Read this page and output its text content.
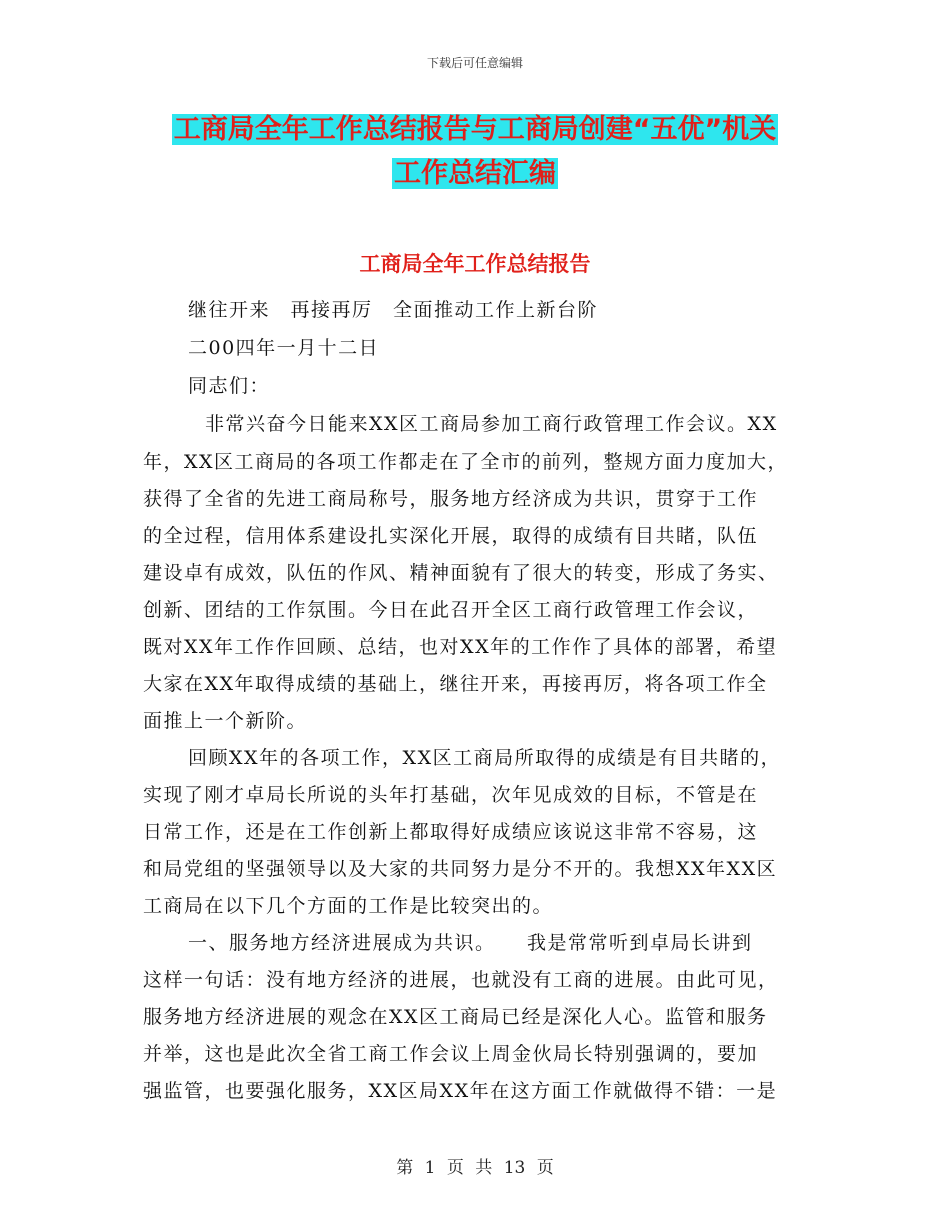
下载后可任意编辑
工商局全年工作总结报告与工商局创建“五优”机关
工作总结汇编
工商局全年工作总结报告
继往开来　再接再厉　全面推动工作上新台阶
二00四年一月十二日
同志们：
非常兴奋今日能来XX区工商局参加工商行政管理工作会议。XX
年，XX区工商局的各项工作都走在了全市的前列，整规方面力度加大，
获得了全省的先进工商局称号，服务地方经济成为共识，贯穿于工作
的全过程，信用体系建设扎实深化开展，取得的成绩有目共睹，队伍
建设卓有成效，队伍的作风、精神面貌有了很大的转变，形成了务实、
创新、团结的工作氛围。今日在此召开全区工商行政管理工作会议，
既对XX年工作作回顾、总结，也对XX年的工作作了具体的部署，希望
大家在XX年取得成绩的基础上，继往开来，再接再厉，将各项工作全
面推上一个新阶。
回顾XX年的各项工作，XX区工商局所取得的成绩是有目共睹的，
实现了刚才卓局长所说的头年打基础，次年见成效的目标，不管是在
日常工作，还是在工作创新上都取得好成绩应该说这非常不容易，这
和局党组的坚强领导以及大家的共同努力是分不开的。我想XX年XX区
工商局在以下几个方面的工作是比较突出的。
一、服务地方经济进展成为共识。　　我是常常听到卓局长讲到
这样一句话：没有地方经济的进展，也就没有工商的进展。由此可见，
服务地方经济进展的观念在XX区工商局已经是深化人心。监管和服务
并举，这也是此次全省工商工作会议上周金伙局长特别强调的，要加
强监管，也要强化服务，XX区局XX年在这方面工作就做得不错：一是
第 1 页 共 13 页
